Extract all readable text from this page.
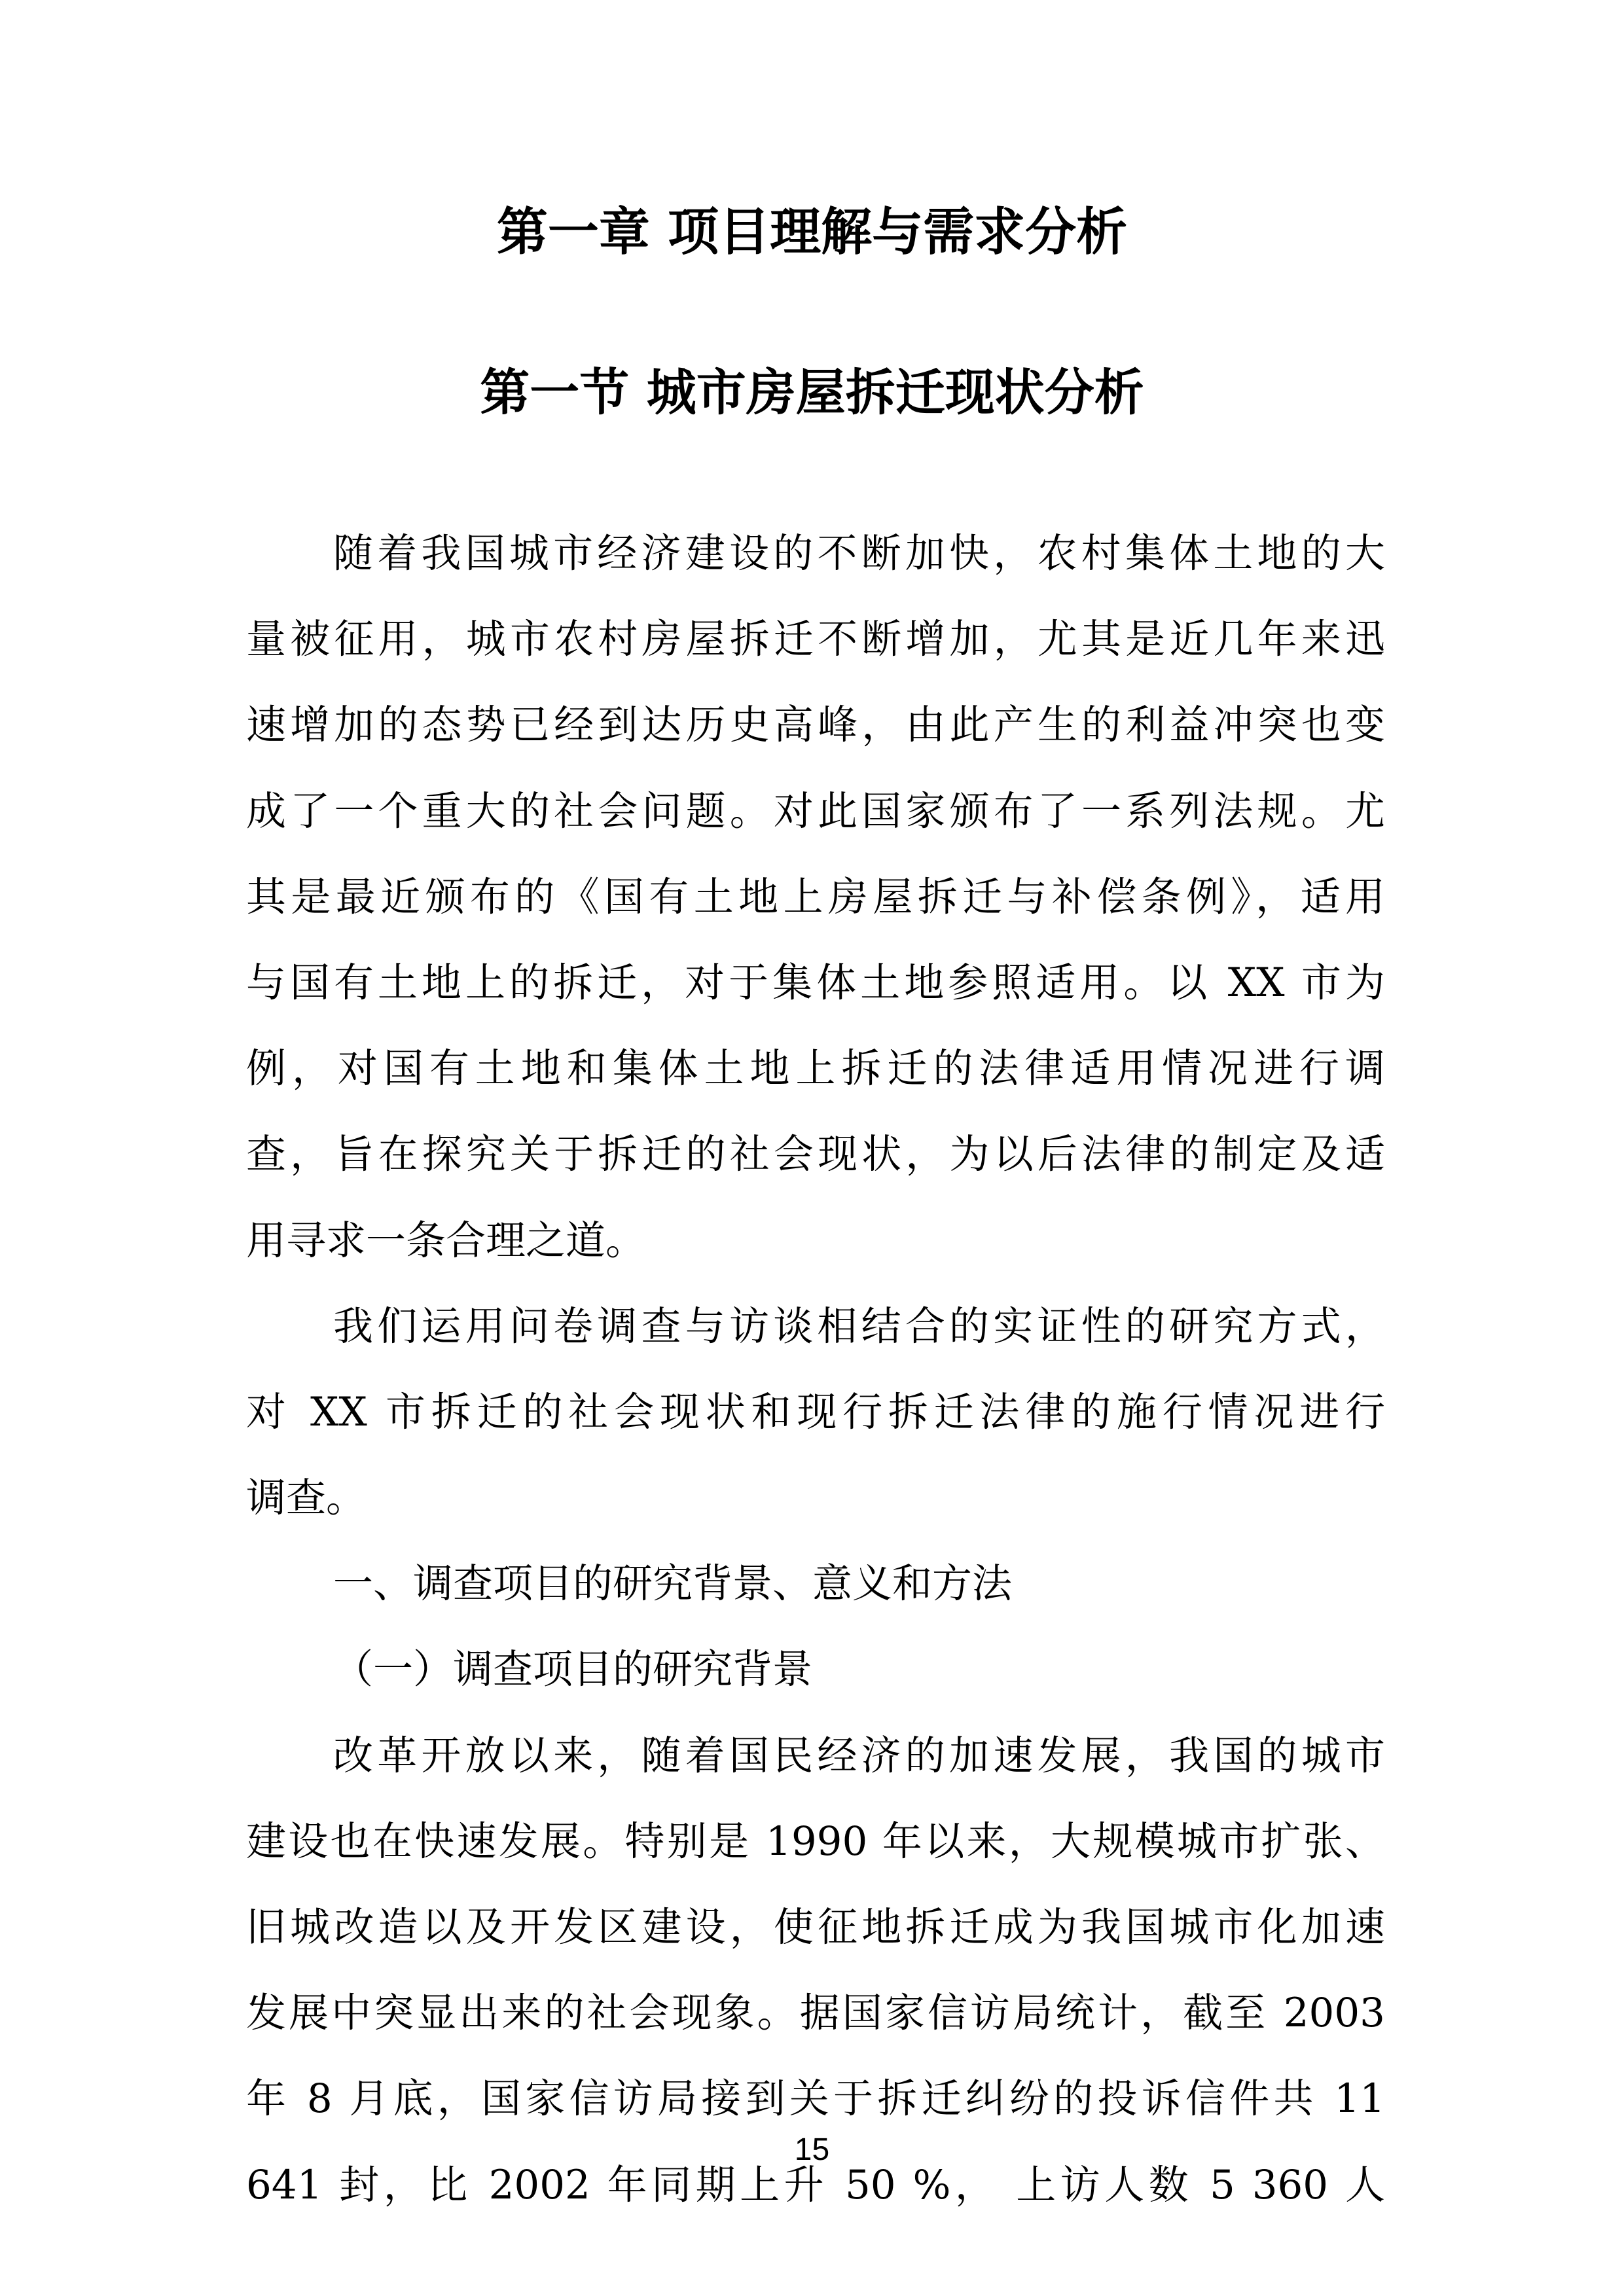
第一章 项目理解与需求分析
第一节 城市房屋拆迁现状分析
随着我国城市经济建设的不断加快，农村集体土地的大
量被征用，城市农村房屋拆迁不断增加，尤其是近几年来迅
速增加的态势已经到达历史高峰，由此产生的利益冲突也变
成了一个重大的社会问题。对此国家颁布了一系列法规。尤
其是最近颁布的《国有土地上房屋拆迁与补偿条例》，适用
与国有土地上的拆迁，对于集体土地参照适用。以 XX 市为
例，对国有土地和集体土地上拆迁的法律适用情况进行调
查，旨在探究关于拆迁的社会现状，为以后法律的制定及适
用寻求一条合理之道。
我们运用问卷调查与访谈相结合的实证性的研究方式，
对 XX 市拆迁的社会现状和现行拆迁法律的施行情况进行
调查。
一、调查项目的研究背景、意义和方法
（一）调查项目的研究背景
改革开放以来，随着国民经济的加速发展，我国的城市
建设也在快速发展。特别是 1990 年以来，大规模城市扩张、
旧城改造以及开发区建设，使征地拆迁成为我国城市化加速
发展中突显出来的社会现象。据国家信访局统计，截至 2003
年 8 月底，国家信访局接到关于拆迁纠纷的投诉信件共 11
641 封，比 2002 年同期上升 50 %， 上访人数 5 360 人
15
